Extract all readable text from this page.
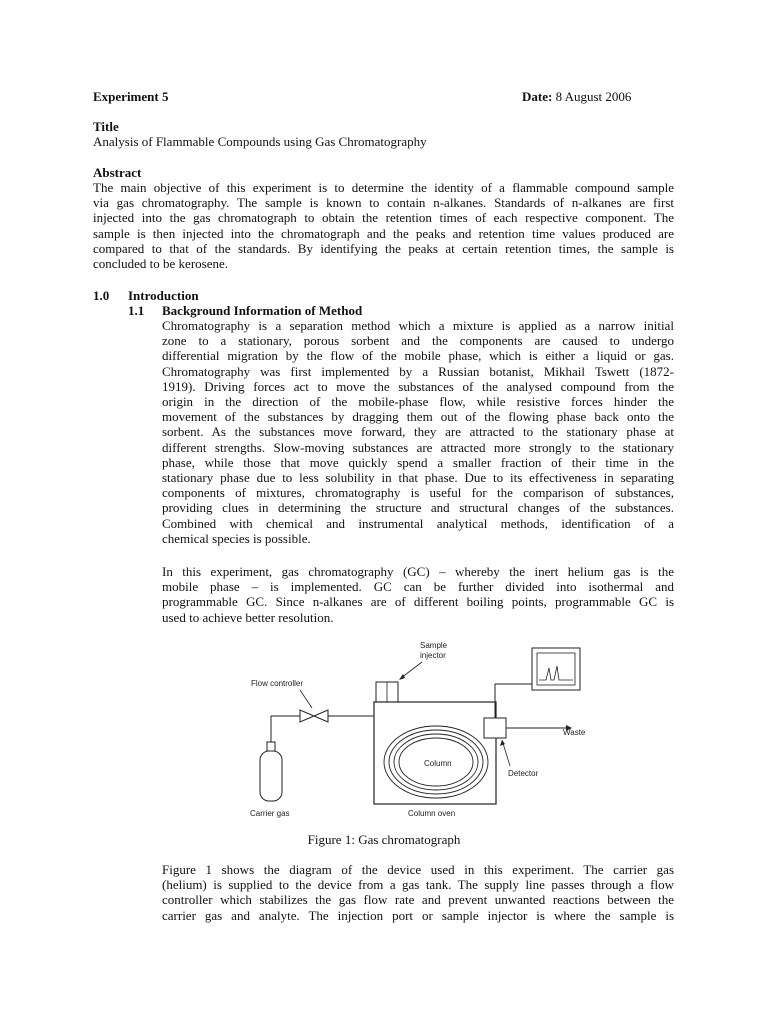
Experiment 5	Date: 8 August 2006
Title
Analysis of Flammable Compounds using Gas Chromatography
Abstract
The main objective of this experiment is to determine the identity of a flammable compound sample
via gas chromatography. The sample is known to contain n-alkanes. Standards of n-alkanes are first
injected into the gas chromatograph to obtain the retention times of each respective component. The
sample is then injected into the chromatograph and the peaks and retention time values produced are
compared to that of the standards. By identifying the peaks at certain retention times, the sample is
concluded to be kerosene.
1.0 Introduction
1.1 Background Information of Method
Chromatography is a separation method which a mixture is applied as a narrow initial
zone to a stationary, porous sorbent and the components are caused to undergo
differential migration by the flow of the mobile phase, which is either a liquid or gas.
Chromatography was first implemented by a Russian botanist, Mikhail Tswett (1872-
1919). Driving forces act to move the substances of the analysed compound from the
origin in the direction of the mobile-phase flow, while resistive forces hinder the
movement of the substances by dragging them out of the flowing phase back onto the
sorbent. As the substances move forward, they are attracted to the stationary phase at
different strengths. Slow-moving substances are attracted more strongly to the stationary
phase, while those that move quickly spend a smaller fraction of their time in the
stationary phase due to less solubility in that phase. Due to its effectiveness in separating
components of mixtures, chromatography is useful for the comparison of substances,
providing clues in determining the structure and structural changes of the substances.
Combined with chemical and instrumental analytical methods, identification of a
chemical species is possible.
In this experiment, gas chromatography (GC) – whereby the inert helium gas is the
mobile phase – is implemented. GC can be further divided into isothermal and
programmable GC. Since n-alkanes are of different boiling points, programmable GC is
used to achieve better resolution.
Sample
injector
Flow controller
Carrier gas
Column
Column oven
Waste
Detector
Figure 1: Gas chromatograph
Figure 1 shows the diagram of the device used in this experiment. The carrier gas
(helium) is supplied to the device from a gas tank. The supply line passes through a flow
controller which stabilizes the gas flow rate and prevent unwanted reactions between the
carrier gas and analyte. The injection port or sample injector is where the sample is
